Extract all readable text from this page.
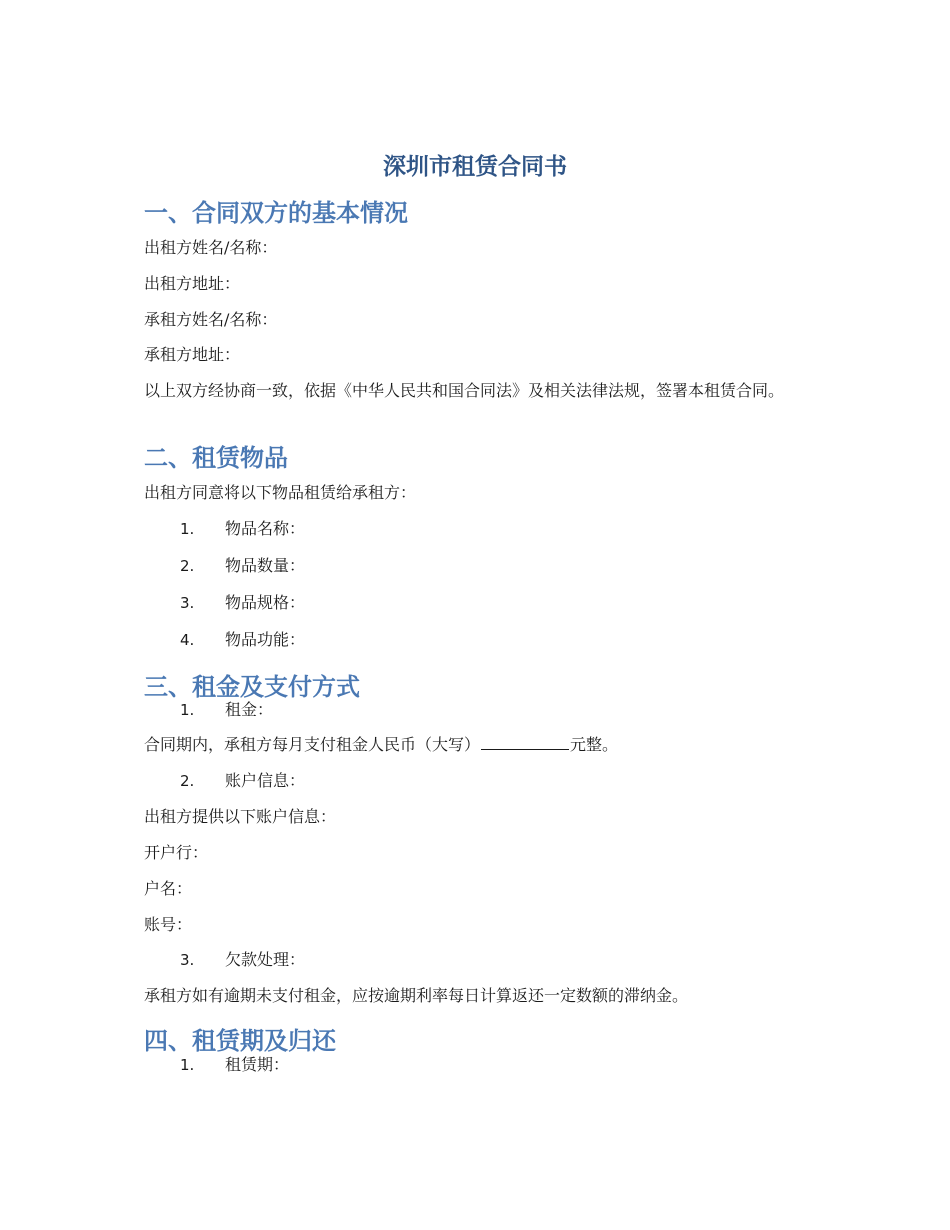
深圳市租赁合同书
一、合同双方的基本情况

出租方姓名/名称：

出租方地址：

承租方姓名/名称：

承租方地址：

以上双方经协商一致，依据《中华人民共和国合同法》及相关法律法规，签署本租赁合同。

二、租赁物品

出租方同意将以下物品租赁给承租方：

1. 物品名称：

2. 物品数量：

3. 物品规格：

4. 物品功能：

三、租金及支付方式

1. 租金：

合同期内，承租方每月支付租金人民币（大写）	元整。

2. 账户信息：

出租方提供以下账户信息：

开户行：

户名：

账号：

3. 欠款处理：

承租方如有逾期未支付租金，应按逾期利率每日计算返还一定数额的滞纳金。

四、租赁期及归还

1. 租赁期：
